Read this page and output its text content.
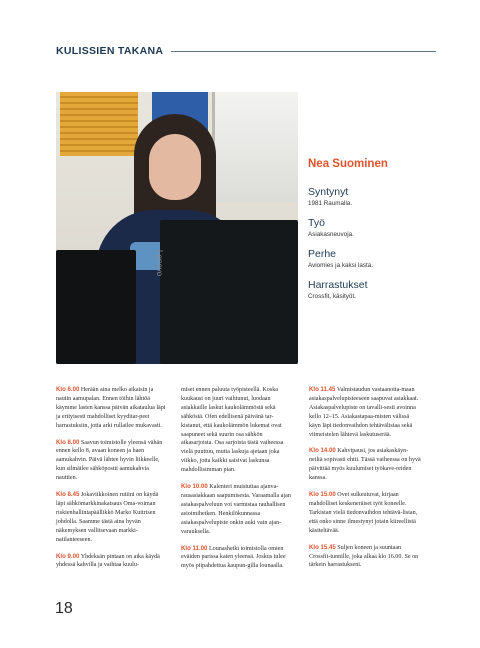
KULISSIEN TAKANA
Lenovo

Nea Suominen

Syntynyt

1981 Raumalla.

Työ

Asiakasneuvoja.

Perhe

Aviomies ja kaksi lasta.

Harrastukset

Crossfit, käsityöt.

Klo 6.00 Herään aina melko aikaisin ja nautin aamupalan. Ennen töihin lähtöä käymme lasten kanssa päivän aikataulua läpi ja erityisesti mahdolliset kyyditar-peet harrastuksiin, jotta arki rullailee mukavasti.

Klo 8.00 Saavun toimistolle yleensä vähän ennen kello 8, avaan koneen ja haen aamukahvin. Päivä lähtee hyvin liikkeelle, kun silmäilee sähköpostit aamukahvia nauttien.

Klo 8.45 Jokaviikkoinen rutiini on käydä läpi sähkömarkkinakatsaus Oma-voiman riskienhallintapäällikkö Marko Kuitrisen johdolla. Saamme tästä aina hyvän näkemyksen vallitsevaan markki-natilanteeseen.

Klo 9.00 Yhdeksän pintaan on aika käydä yhdessä kahvilla ja vaihtaa kuulu-

miset ennen paluuta työpisteellä. Koska kuukausi on juuri vaihtunut, luodaan asiakkaille laskut kaukolämmöstä sekä sähköstä. Ofen edellisenä päivänä tar-kistanut, että kaukolämmön lukemat ovat saapuneet sekä suurin osa sähkön aikasarjoista. Osa sarjoista tästä vaiheessa vielä puuttuu, mutta laskuja ajetaan joka viikko, jotta kaikki saisivat laskunsa mahdollisimman pian.

Klo 10.00 Kalenteri muistuttaa ajanva-rausasiakkaan saapumisesta. Varaamalla ajan asiakaspalveluun voi varmistaa rauhallisen asioimihetken. Henkilökunnassa asiakaspalvelupiste onkin auki vain ajan-varauksella.

Klo 11.00 Lounashetki toimistolla omien eväiden parissa katen yleensä. Joskus tulee myös piipahdettua kaupun-gilla lounaalla.

Klo 11.45 Valmistaudun vastaanotta-maan asiakaspalvelupisteeseen saapuvat asiakkaat. Asiakaspalvelupiste on tavalli-sesti avoinna kello 12–15. Asiakastapaa-misten välissä käyn läpi tiedonvaihdon tehtävälistaa sekä viimeistelen lähtevä laskutuserää.

Klo 14.00 Kahvipausi, jos asiakaskäyn-neiltä sopivasti ehtii. Tässä vaiheessa on hyvä päivittää myös kuulumiset työkave-reiden kanssa.

Klo 15.00 Ovet sulkeutuvat, kirjaan mahdolliset keskeneräiset työt koneelle. Tarkistan vielä tiedonvaihdon tehtävä-listan, että onko sinne ilmestynyt jotain kiireellistä käsiteltävää.

Klo 15.45 Suljen koneen ja suuntaan Crossfit-tunnille, joka alkaa klo 16.00. Se on tärkein harrastukseni.

18
